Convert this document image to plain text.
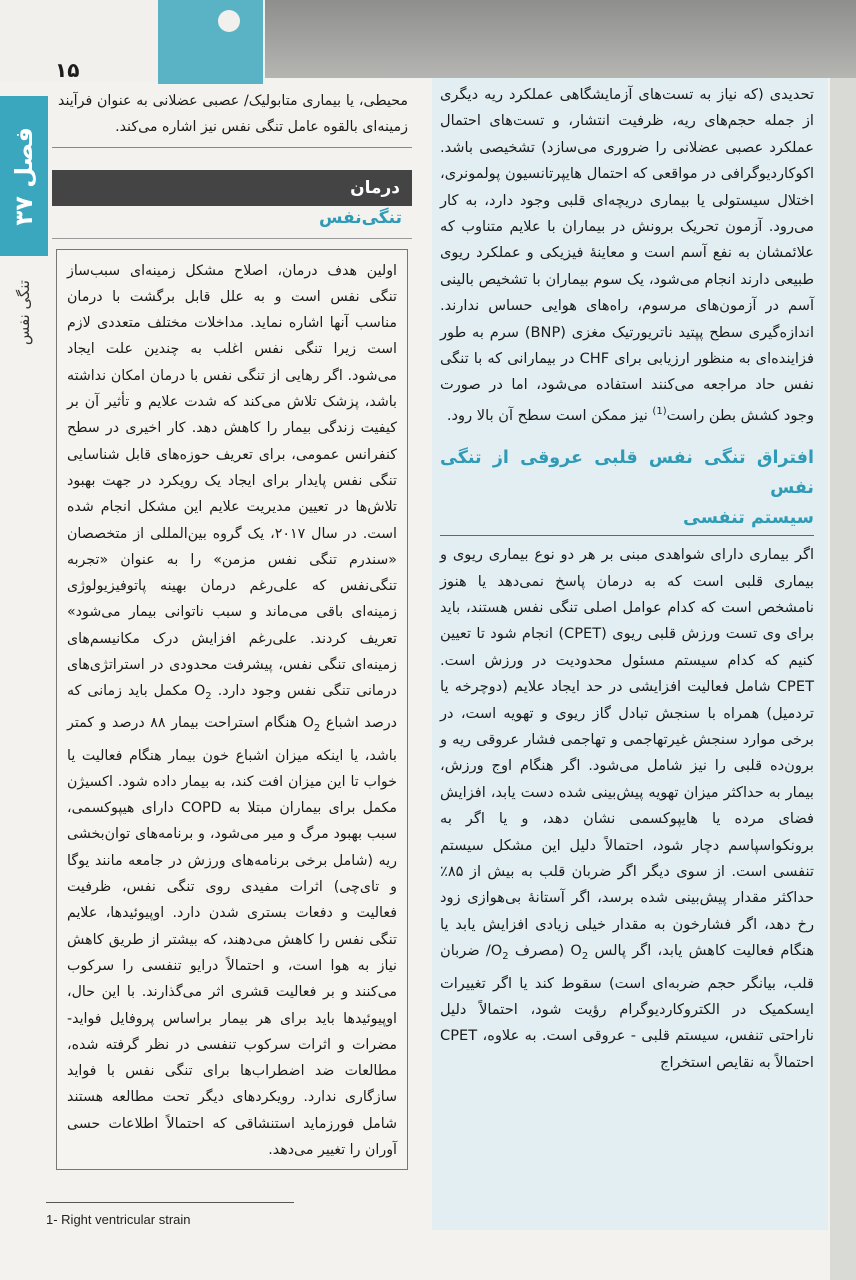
۱۵
فصل ۳۷
تنگی نفس

محیطی، یا بیماری متابولیک/ عصبی عضلانی به عنوان فرآیند زمینه‌ای بالقوه عامل تنگی نفس نیز اشاره می‌کند.

درمان
تنگی‌نفس

اولین هدف درمان، اصلاح مشکل زمینه‌ای سبب‌ساز تنگی نفس است و به علل قابل برگشت با درمان مناسب آنها اشاره نماید. مداخلات مختلف متعددی لازم است زیرا تنگی نفس اغلب به چندین علت ایجاد می‌شود. اگر رهایی از تنگی نفس با درمان امکان نداشته باشد، پزشک تلاش می‌کند که شدت علایم و تأثیر آن بر کیفیت زندگی بیمار را کاهش دهد. کار اخیری در سطح کنفرانس عمومی، برای تعریف حوزه‌های قابل شناسایی تنگی نفس پایدار برای ایجاد یک رویکرد در جهت بهبود تلاش‌ها در تعیین مدیریت علایم این مشکل انجام شده است. در سال ۲۰۱۷، یک گروه بین‌المللی از متخصصان «سندرم تنگی نفس مزمن» را به عنوان «تجربه تنگی‌نفس که علی‌رغم درمان بهینه پاتوفیزیولوژی زمینه‌ای باقی می‌ماند و سبب ناتوانی بیمار می‌شود» تعریف کردند. علی‌رغم افزایش درک مکانیسم‌های زمینه‌ای تنگی نفس، پیشرفت محدودی در استراتژی‌های درمانی تنگی نفس وجود دارد. $O_2$ مکمل باید زمانی که درصد اشباع $O_2$ هنگام استراحت بیمار ۸۸ درصد و کمتر باشد، یا اینکه میزان اشباع خون بیمار هنگام فعالیت یا خواب تا این میزان افت کند، به بیمار داده شود. اکسیژن مکمل برای بیماران مبتلا به COPD دارای هیپوکسمی، سبب بهبود مرگ و میر می‌شود، و برنامه‌های توان‌بخشی ریه (شامل برخی برنامه‌های ورزش در جامعه مانند یوگا و تای‌چی) اثرات مفیدی روی تنگی نفس، ظرفیت فعالیت و دفعات بستری شدن دارد. اوپیوئیدها، علایم تنگی نفس را کاهش می‌دهند، که بیشتر از طریق کاهش نیاز به هوا است، و احتمالاً درایو تنفسی را سرکوب می‌کنند و بر فعالیت قشری اثر می‌گذارند. با این حال، اوپیوئیدها باید برای هر بیمار براساس پروفایل فواید-مضرات و اثرات سرکوب تنفسی در نظر گرفته شده، مطالعات ضد اضطراب‌ها برای تنگی نفس با فواید سازگاری ندارد. رویکردهای دیگر تحت مطالعه هستند شامل فورزماید استنشاقی که احتمالاً اطلاعات حسی آوران را تغییر می‌دهد.

تحدیدی (که نیاز به تست‌های آزمایشگاهی عملکرد ریه دیگری از جمله حجم‌های ریه، ظرفیت انتشار، و تست‌های احتمال عملکرد عصبی عضلانی را ضروری می‌سازد) تشخیصی باشد. اکوکاردیوگرافی در مواقعی که احتمال هایپرتانسیون پولمونری، اختلال سیستولی یا بیماری دریچه‌ای قلبی وجود دارد، به کار می‌رود. آزمون تحریک برونش در بیماران با علایم متناوب که علائمشان به نفع آسم است و معاینهٔ فیزیکی و عملکرد ریوی طبیعی دارند انجام می‌شود، یک سوم بیماران با تشخیص بالینی آسم در آزمون‌های مرسوم، راه‌های هوایی حساس ندارند. اندازه‌گیری سطح پپتید ناتریورتیک مغزی (BNP) سرم به طور فزاینده‌ای به منظور ارزیابی برای CHF در بیمارانی که با تنگی نفس حاد مراجعه می‌کنند استفاده می‌شود، اما در صورت وجود کشش بطن راست$^{(1)}$ نیز ممکن است سطح آن بالا رود.

افتراق تنگی نفس قلبی عروقی از تنگی نفس
سیستم تنفسی

اگر بیماری دارای شواهدی مبنی بر هر دو نوع بیماری ریوی و بیماری قلبی است که به درمان پاسخ نمی‌دهد یا هنوز نامشخص است که کدام عوامل اصلی تنگی نفس هستند، باید برای وی تست ورزش قلبی ریوی (CPET) انجام شود تا تعیین کنیم که کدام سیستم مسئول محدودیت در ورزش است. CPET شامل فعالیت افزایشی در حد ایجاد علایم (دوچرخه یا تردمیل) همراه با سنجش تبادل گاز ریوی و تهویه است، در برخی موارد سنجش غیرتهاجمی و تهاجمی فشار عروقی ریه و برون‌ده قلبی را نیز شامل می‌شود. اگر هنگام اوج ورزش، بیمار به حداکثر میزان تهویه پیش‌بینی شده دست یابد، افزایش فضای مرده یا هایپوکسمی نشان دهد، و یا اگر به برونکواسپاسم دچار شود، احتمالاً دلیل این مشکل سیستم تنفسی است. از سوی دیگر اگر ضربان قلب به بیش از ۸۵٪ حداکثر مقدار پیش‌بینی شده برسد، اگر آستانهٔ بی‌هوازی زود رخ دهد، اگر فشارخون به مقدار خیلی زیادی افزایش یابد یا هنگام فعالیت کاهش یابد، اگر پالس $O_2$ (مصرف $O_2/$ ضربان قلب، بیانگر حجم ضربه‌ای است) سقوط کند یا اگر تغییرات ایسکمیک در الکتروکاردیوگرام رؤیت شود، احتمالاً دلیل ناراحتی تنفس، سیستم قلبی - عروقی است. به علاوه، CPET احتمالاً به نقایص استخراج

1- Right ventricular strain
